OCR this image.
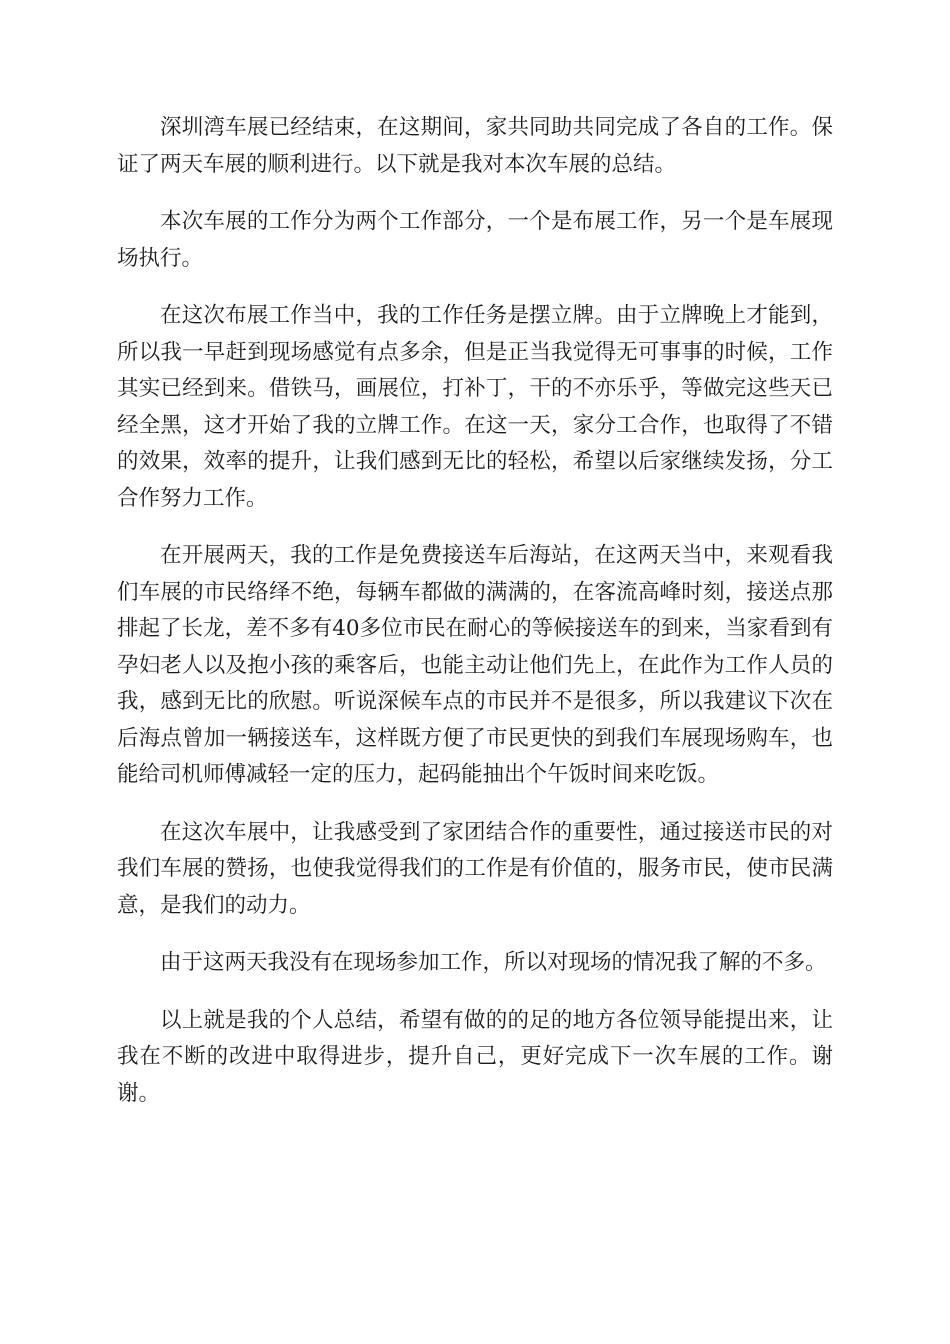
深圳湾车展已经结束，在这期间，家共同助共同完成了各自的工作。保证了两天车展的顺利进行。以下就是我对本次车展的总结。

本次车展的工作分为两个工作部分，一个是布展工作，另一个是车展现场执行。

在这次布展工作当中，我的工作任务是摆立牌。由于立牌晚上才能到，所以我一早赶到现场感觉有点多余，但是正当我觉得无可事事的时候，工作其实已经到来。借铁马，画展位，打补丁，干的不亦乐乎，等做完这些天已经全黑，这才开始了我的立牌工作。在这一天，家分工合作，也取得了不错的效果，效率的提升，让我们感到无比的轻松，希望以后家继续发扬，分工合作努力工作。

在开展两天，我的工作是免费接送车后海站，在这两天当中，来观看我们车展的市民络绎不绝，每辆车都做的满满的，在客流高峰时刻，接送点那排起了长龙，差不多有40多位市民在耐心的等候接送车的到来，当家看到有孕妇老人以及抱小孩的乘客后，也能主动让他们先上，在此作为工作人员的我，感到无比的欣慰。听说深候车点的市民并不是很多，所以我建议下次在后海点曾加一辆接送车，这样既方便了市民更快的到我们车展现场购车，也能给司机师傅减轻一定的压力，起码能抽出个午饭时间来吃饭。

在这次车展中，让我感受到了家团结合作的重要性，通过接送市民的对我们车展的赞扬，也使我觉得我们的工作是有价值的，服务市民，使市民满意，是我们的动力。

由于这两天我没有在现场参加工作，所以对现场的情况我了解的不多。

以上就是我的个人总结，希望有做的的足的地方各位领导能提出来，让我在不断的改进中取得进步，提升自己，更好完成下一次车展的工作。谢谢。
